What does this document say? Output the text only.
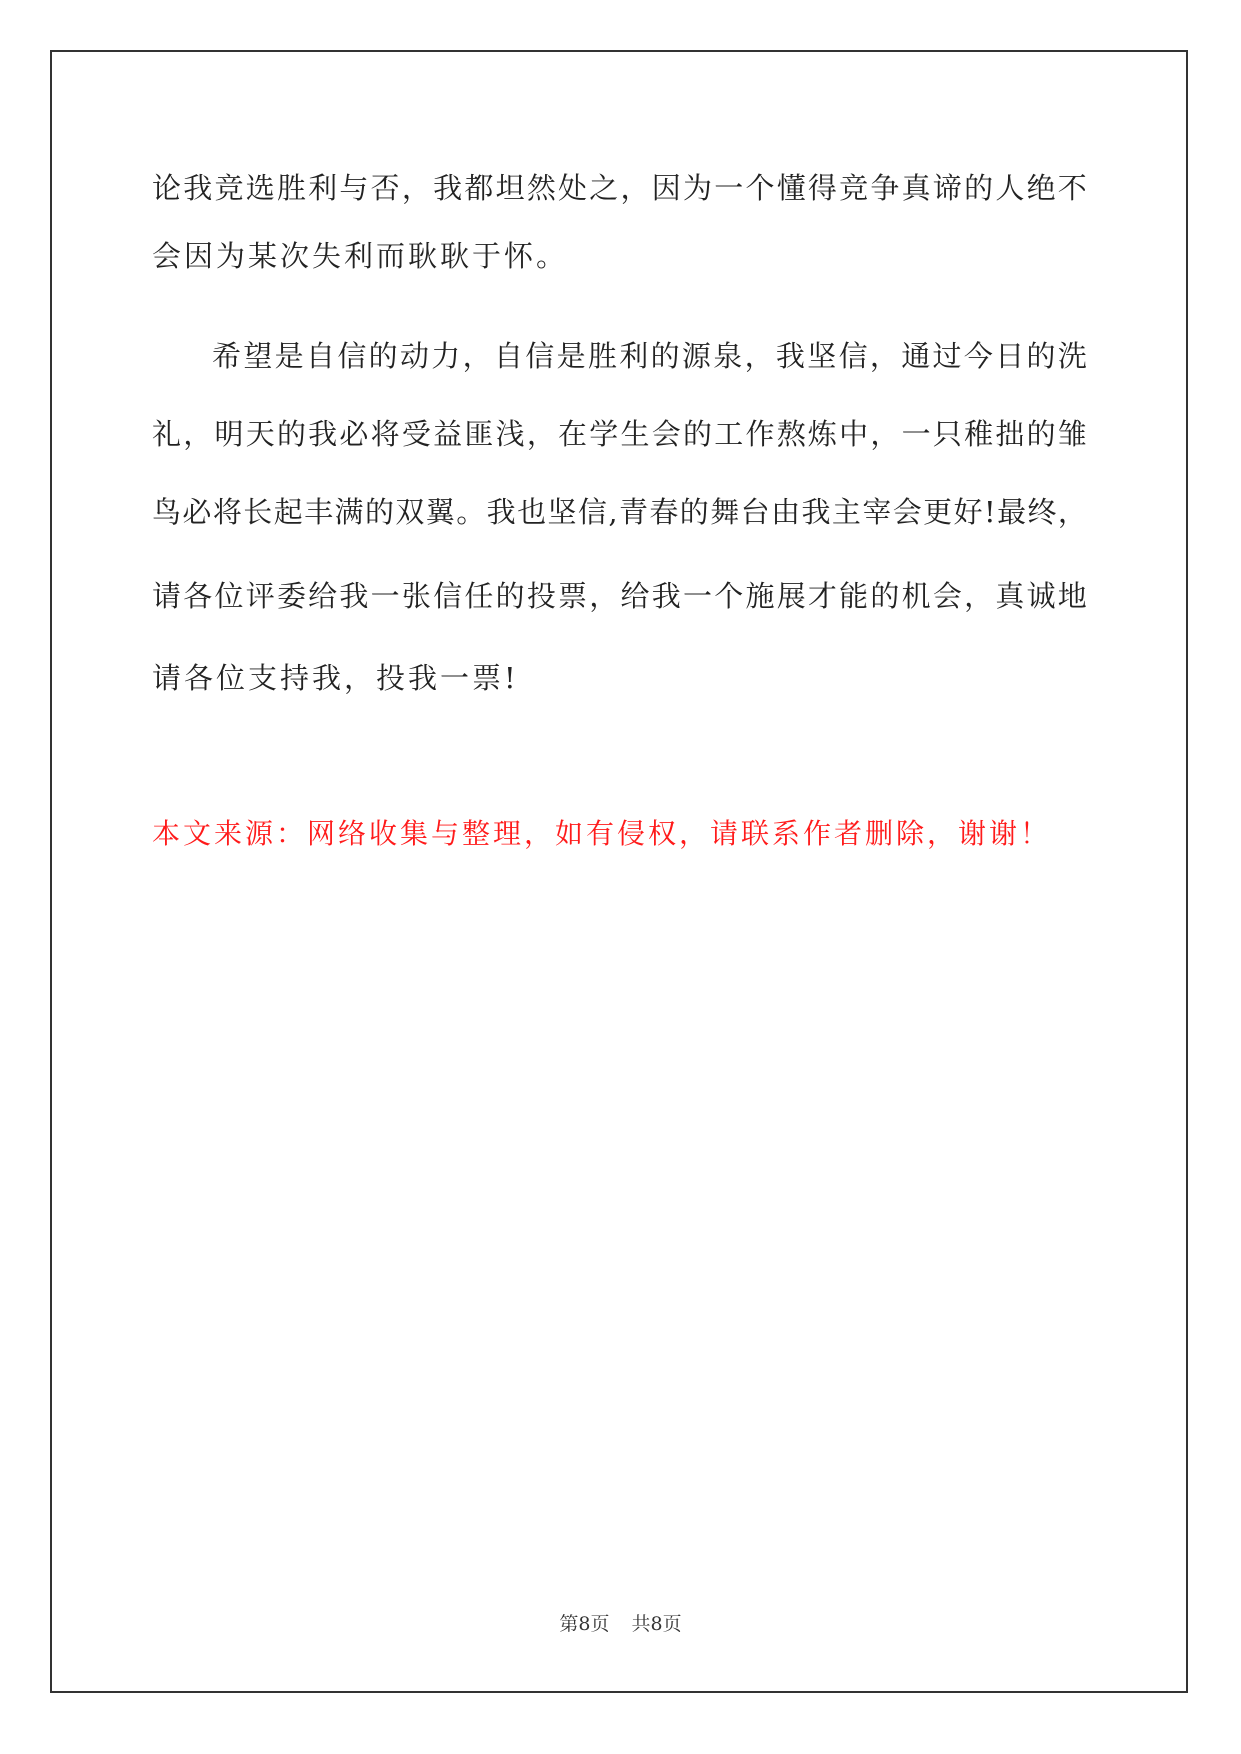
论 我 竞 选 胜 利 与 否 ， 我 都 坦 然 处 之 ， 因 为 一 个 懂 得 竞 争 真 谛 的 人 绝 不
会因为某次失利而耿耿于怀。
希 望 是 自 信 的 动 力 ， 自 信 是 胜 利 的 源 泉 ， 我 坚 信 ， 通 过 今 日 的 洗
礼 ， 明 天 的 我 必 将 受 益 匪 浅 ， 在 学 生 会 的 工 作 熬 炼 中 ， 一 只 稚 拙 的 雏
鸟 必 将 长 起 丰 满 的 双 翼 。 我 也 坚 信 , 青 春 的 舞 台 由 我 主 宰 会 更 好 ! 最 终 ，
请 各 位 评 委 给 我 一 张 信 任 的 投 票 ， 给 我 一 个 施 展 才 能 的 机 会 ， 真 诚 地
请各位支持我，投我一票!
本文来源：网络收集与整理，如有侵权，请联系作者删除，谢谢！
第8页 共8页
